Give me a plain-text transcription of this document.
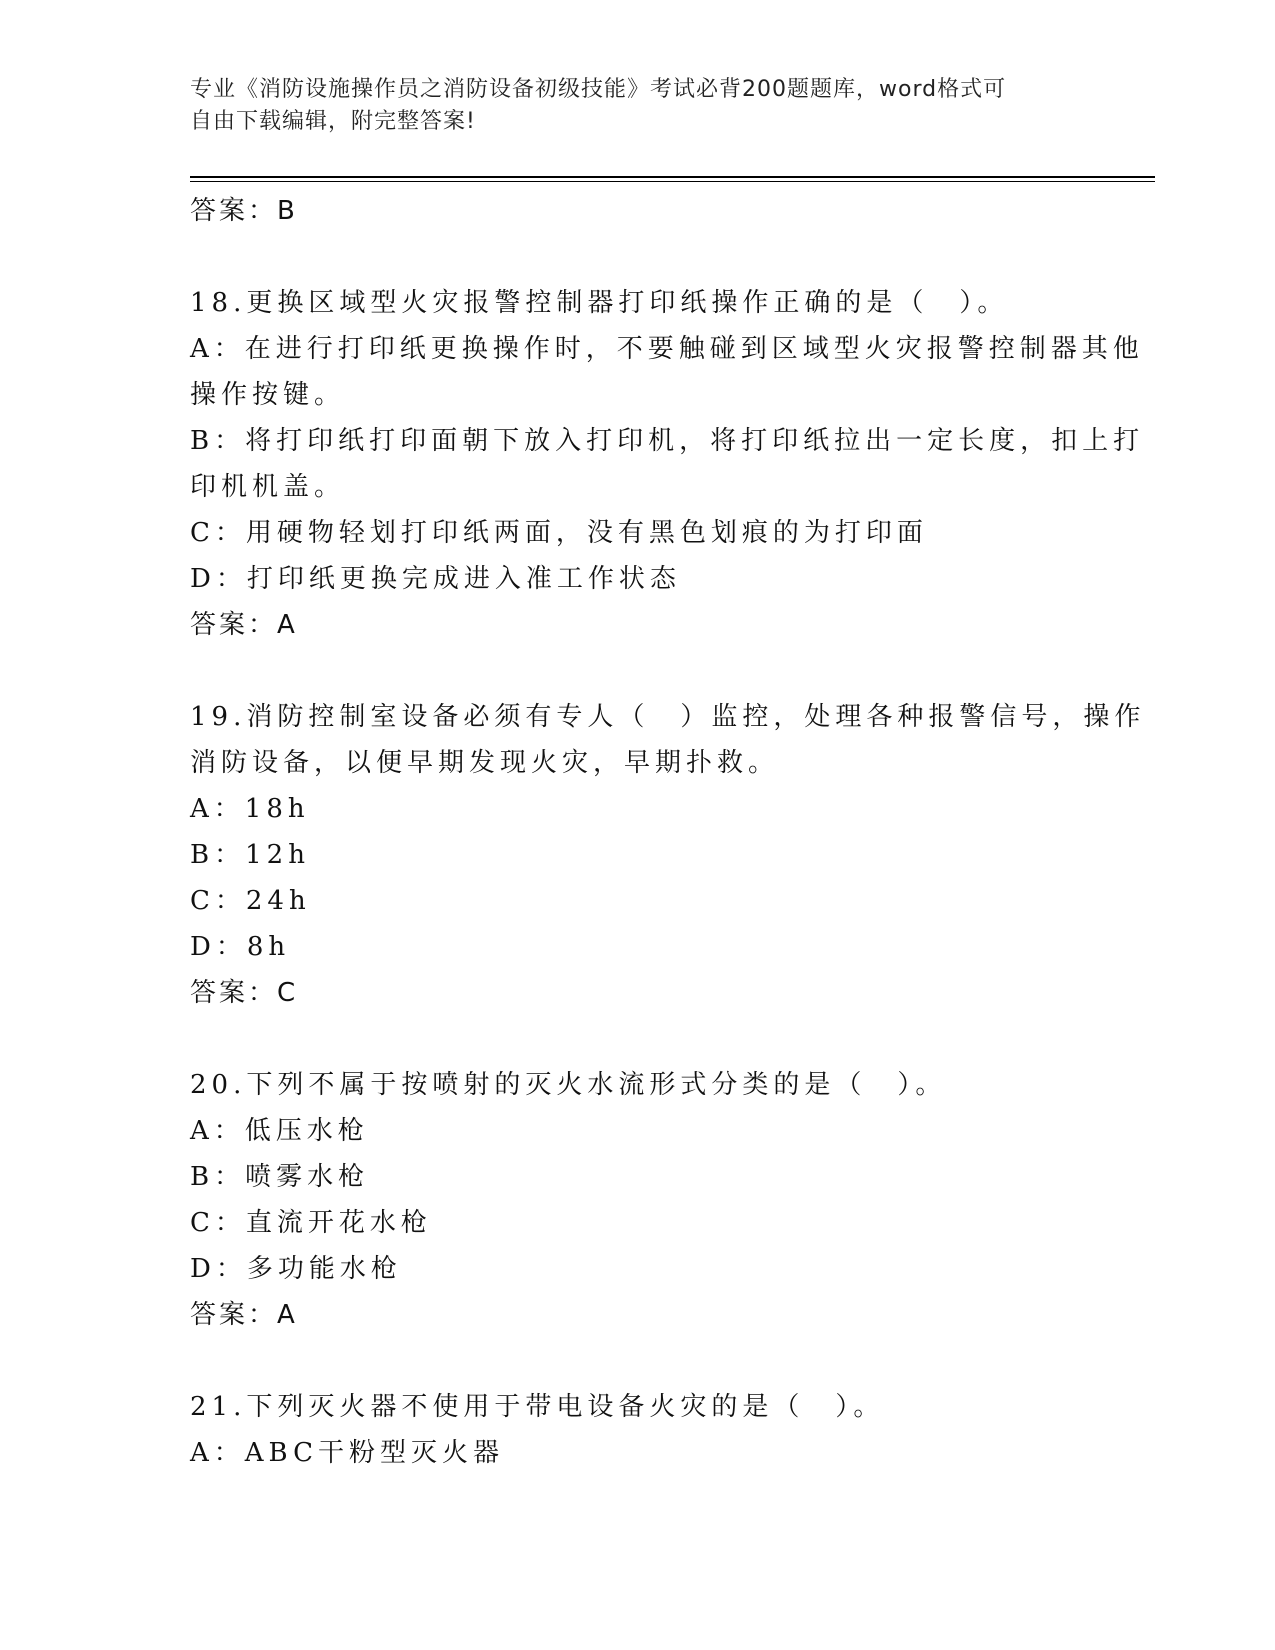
专业《消防设施操作员之消防设备初级技能》考试必背200题题库，word格式可
自由下载编辑，附完整答案!
答案：B
18.更换区域型火灾报警控制器打印纸操作正确的是（　）。
A：在进行打印纸更换操作时，不要触碰到区域型火灾报警控制器其他
操作按键。
B：将打印纸打印面朝下放入打印机，将打印纸拉出一定长度，扣上打
印机机盖。
C：用硬物轻划打印纸两面，没有黑色划痕的为打印面
D：打印纸更换完成进入准工作状态
答案：A
19.消防控制室设备必须有专人（　）监控，处理各种报警信号，操作
消防设备，以便早期发现火灾，早期扑救。
A：18h
B：12h
C：24h
D：8h
答案：C
20.下列不属于按喷射的灭火水流形式分类的是（　）。
A：低压水枪
B：喷雾水枪
C：直流开花水枪
D：多功能水枪
答案：A
21.下列灭火器不使用于带电设备火灾的是（　）。
A：ABC干粉型灭火器
